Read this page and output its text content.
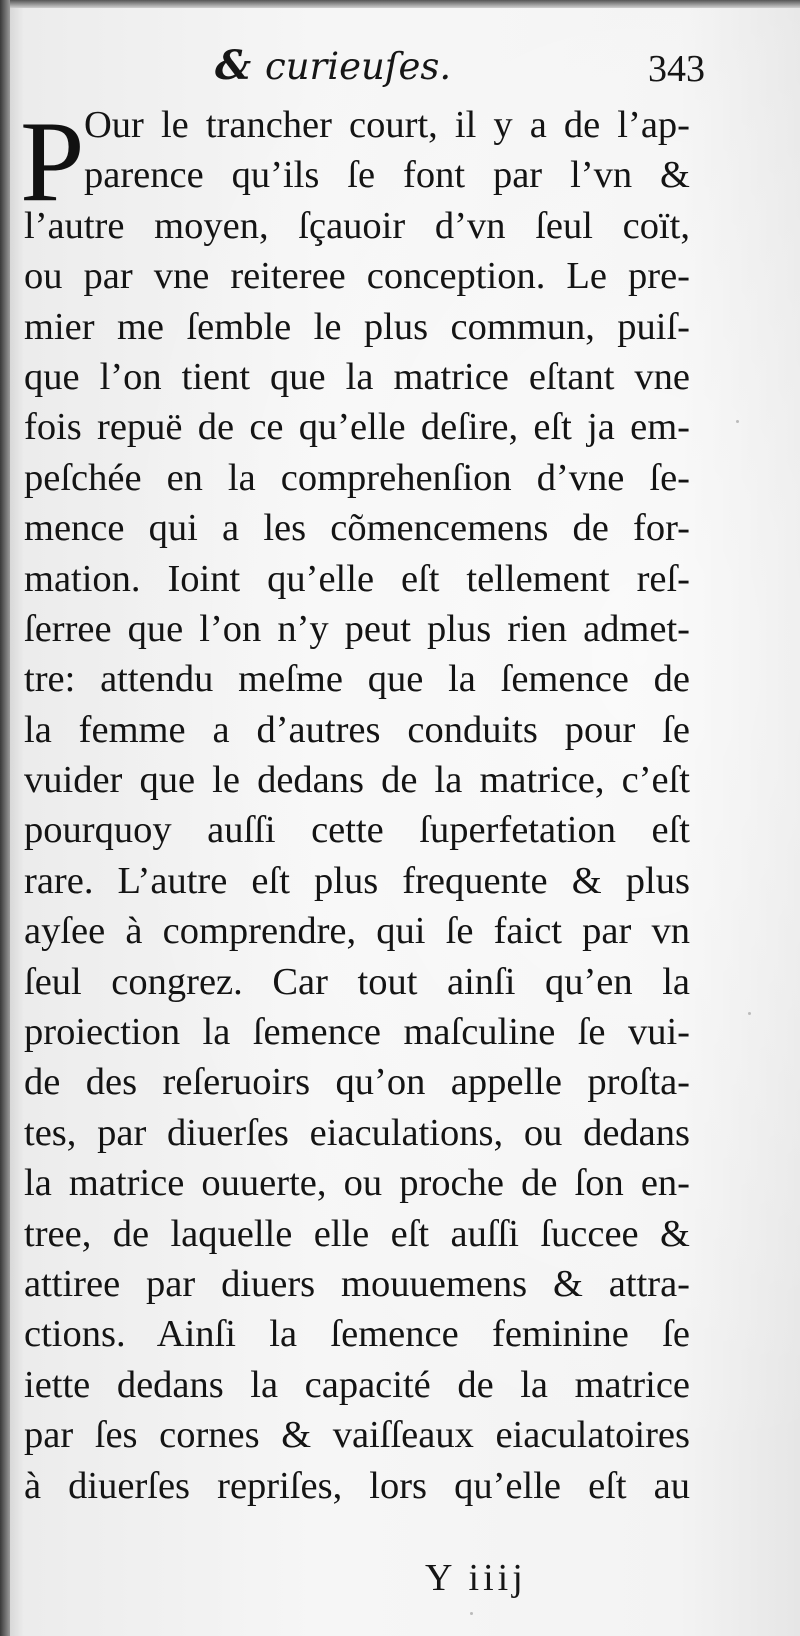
& curieuſes.	343
P Our le trancher court, il y a de l’ap-
parence qu’ils ſe font par l’vn &
l’autre moyen, ſçauoir d’vn ſeul coït,
ou par vne reiteree conception. Le pre-
mier me ſemble le plus commun, puiſ-
que l’on tient que la matrice eſtant vne
fois repuë de ce qu’elle deſire, eſt ja em-
peſchée en la comprehenſion d’vne ſe-
mence qui a les cõmencemens de for-
mation. Ioint qu’elle eſt tellement reſ-
ſerree que l’on n’y peut plus rien admet-
tre: attendu meſme que la ſemence de
la femme a d’autres conduits pour ſe
vuider que le dedans de la matrice, c’eſt
pourquoy auſſi cette ſuperfetation eſt
rare. L’autre eſt plus frequente & plus
ayſee à comprendre, qui ſe faict par vn
ſeul congrez. Car tout ainſi qu’en la
proiection la ſemence maſculine ſe vui-
de des reſeruoirs qu’on appelle proſta-
tes, par diuerſes eiaculations, ou dedans
la matrice ouuerte, ou proche de ſon en-
tree, de laquelle elle eſt auſſi ſuccee &
attiree par diuers mouuemens & attra-
ctions. Ainſi la ſemence feminine ſe
iette dedans la capacité de la matrice
par ſes cornes & vaiſſeaux eiaculatoires
à diuerſes repriſes, lors qu’elle eſt au
Y iiij
